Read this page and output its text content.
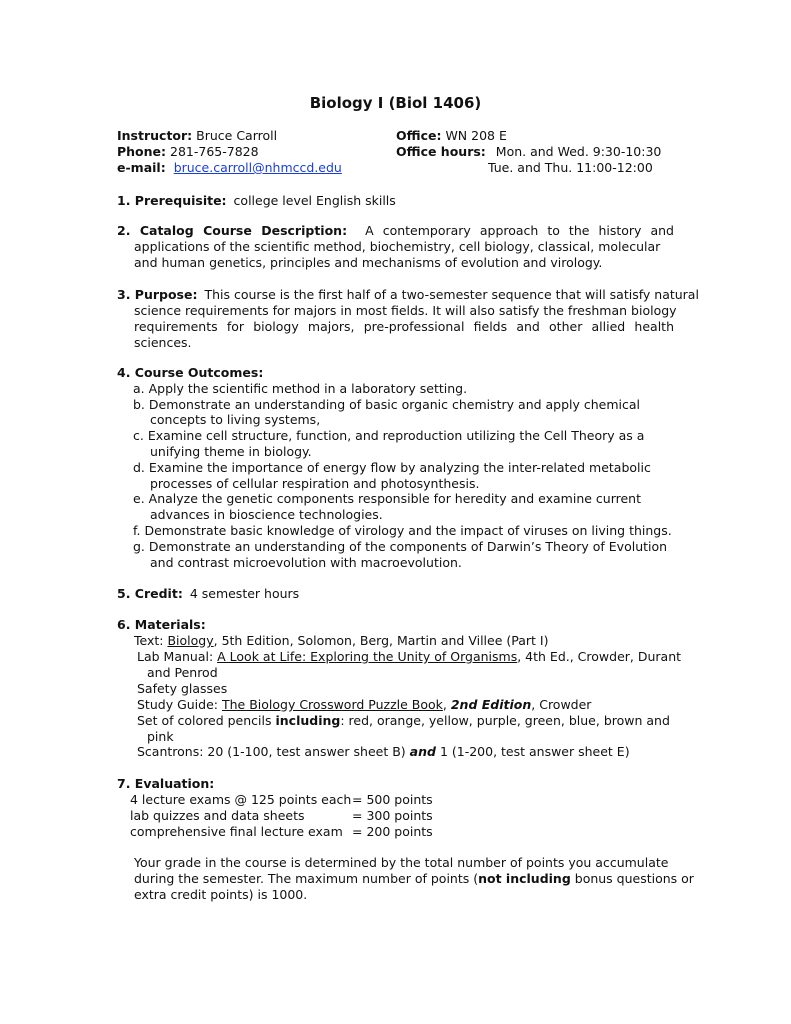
Biology I (Biol 1406)
Instructor: Bruce Carroll
Phone: 281-765-7828
e-mail: bruce.carroll@nhmccd.edu
Office: WN 208 E
Office hours: Mon. and Wed. 9:30-10:30
Tue. and Thu. 11:00-12:00
1. Prerequisite: college level English skills
2. Catalog Course Description: A contemporary approach to the history and
applications of the scientific method, biochemistry, cell biology, classical, molecular
and human genetics, principles and mechanisms of evolution and virology.
3. Purpose: This course is the first half of a two-semester sequence that will satisfy natural
science requirements for majors in most fields. It will also satisfy the freshman biology
requirements for biology majors, pre-professional fields and other allied health
sciences.
4. Course Outcomes:
a. Apply the scientific method in a laboratory setting.
b. Demonstrate an understanding of basic organic chemistry and apply chemical
concepts to living systems,
c. Examine cell structure, function, and reproduction utilizing the Cell Theory as a
unifying theme in biology.
d. Examine the importance of energy flow by analyzing the inter-related metabolic
processes of cellular respiration and photosynthesis.
e. Analyze the genetic components responsible for heredity and examine current
advances in bioscience technologies.
f. Demonstrate basic knowledge of virology and the impact of viruses on living things.
g. Demonstrate an understanding of the components of Darwin’s Theory of Evolution
and contrast microevolution with macroevolution.
5. Credit: 4 semester hours
6. Materials:
Text: Biology, 5th Edition, Solomon, Berg, Martin and Villee (Part I)
Lab Manual: A Look at Life: Exploring the Unity of Organisms, 4th Ed., Crowder, Durant
and Penrod
Safety glasses
Study Guide: The Biology Crossword Puzzle Book, 2nd Edition, Crowder
Set of colored pencils including: red, orange, yellow, purple, green, blue, brown and
pink
Scantrons: 20 (1-100, test answer sheet B) and 1 (1-200, test answer sheet E)
7. Evaluation:
4 lecture exams @ 125 points each = 500 points
lab quizzes and data sheets	= 300 points
comprehensive final lecture exam = 200 points
Your grade in the course is determined by the total number of points you accumulate
during the semester. The maximum number of points (not including bonus questions or
extra credit points) is 1000.
